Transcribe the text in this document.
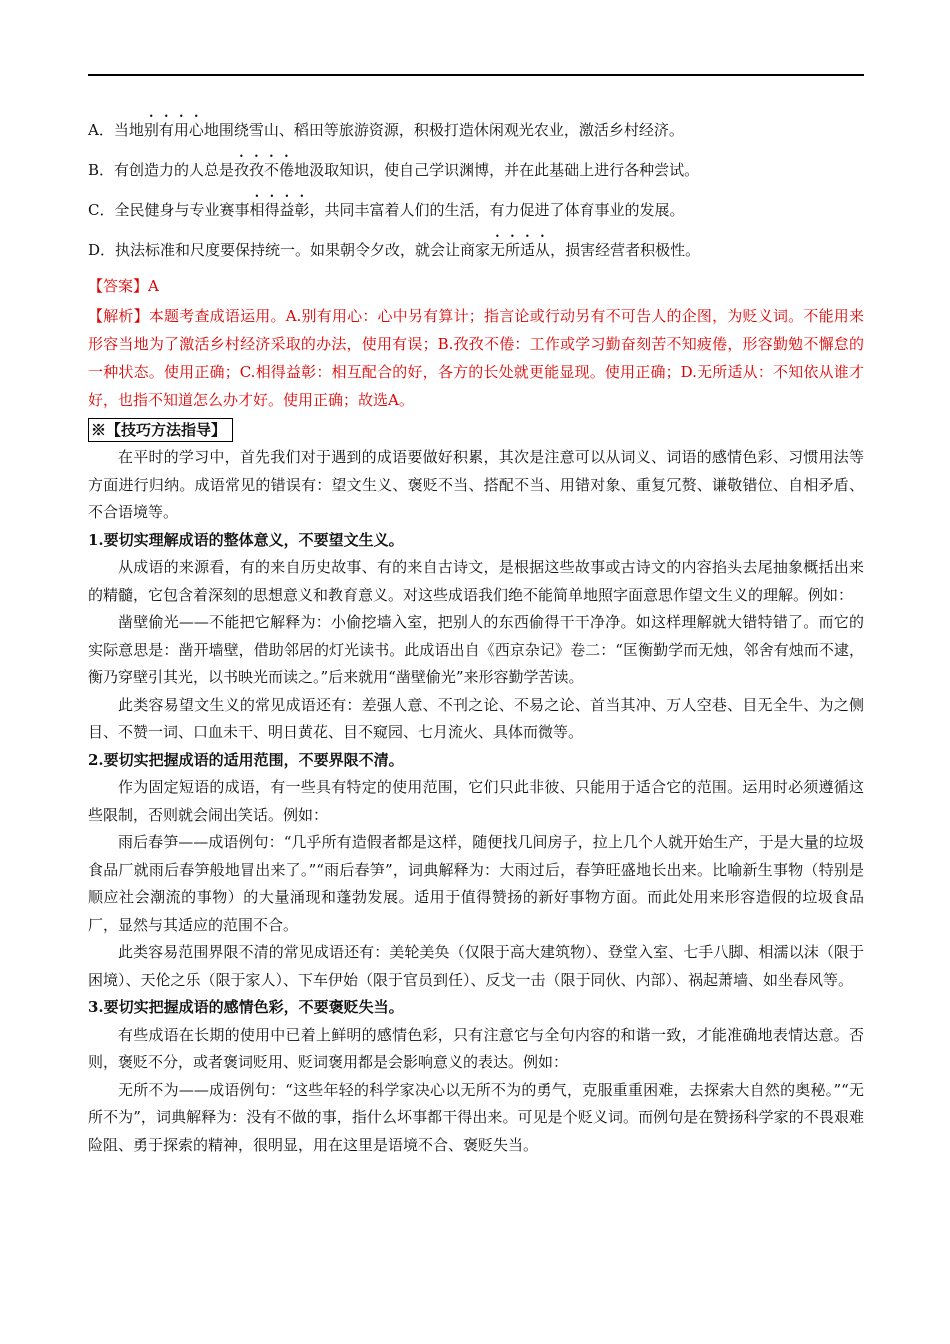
A．当地别有用心地围绕雪山、稻田等旅游资源，积极打造休闲观光农业，激活乡村经济。
B．有创造力的人总是孜孜不倦地汲取知识，使自己学识渊博，并在此基础上进行各种尝试。
C．全民健身与专业赛事相得益彰，共同丰富着人们的生活，有力促进了体育事业的发展。
D．执法标准和尺度要保持统一。如果朝令夕改，就会让商家无所适从，损害经营者积极性。
【答案】A
【解析】本题考查成语运用。A.别有用心：心中另有算计；指言论或行动另有不可告人的企图，为贬义词。不能用来形容当地为了激活乡村经济采取的办法，使用有误；B.孜孜不倦：工作或学习勤奋刻苦不知疲倦，形容勤勉不懈怠的一种状态。使用正确；C.相得益彰：相互配合的好，各方的长处就更能显现。使用正确；D.无所适从：不知依从谁才好，也指不知道怎么办才好。使用正确；故选A。
※【技巧方法指导】

在平时的学习中，首先我们对于遇到的成语要做好积累，其次是注意可以从词义、词语的感情色彩、习惯用法等方面进行归纳。成语常见的错误有：望文生义、褒贬不当、搭配不当、用错对象、重复冗赘、谦敬错位、自相矛盾、不合语境等。

1.要切实理解成语的整体意义，不要望文生义。

从成语的来源看，有的来自历史故事、有的来自古诗文，是根据这些故事或古诗文的内容掐头去尾抽象概括出来的精髓，它包含着深刻的思想意义和教育意义。对这些成语我们绝不能简单地照字面意思作望文生义的理解。例如：

凿壁偷光——不能把它解释为：小偷挖墙入室，把别人的东西偷得干干净净。如这样理解就大错特错了。而它的实际意思是：凿开墙壁，借助邻居的灯光读书。此成语出自《西京杂记》卷二：“匡衡勤学而无烛，邻舍有烛而不逮，衡乃穿壁引其光，以书映光而读之。”后来就用“凿壁偷光”来形容勤学苦读。

此类容易望文生义的常见成语还有：差强人意、不刊之论、不易之论、首当其冲、万人空巷、目无全牛、为之侧目、不赞一词、口血未干、明日黄花、目不窥园、七月流火、具体而微等。

2.要切实把握成语的适用范围，不要界限不清。

作为固定短语的成语，有一些具有特定的使用范围，它们只此非彼、只能用于适合它的范围。运用时必须遵循这些限制，否则就会闹出笑话。例如：

雨后春笋——成语例句：“几乎所有造假者都是这样，随便找几间房子，拉上几个人就开始生产，于是大量的垃圾食品厂就雨后春笋般地冒出来了。”“雨后春笋”，词典解释为：大雨过后，春笋旺盛地长出来。比喻新生事物（特别是顺应社会潮流的事物）的大量涌现和蓬勃发展。适用于值得赞扬的新好事物方面。而此处用来形容造假的垃圾食品厂，显然与其适应的范围不合。

此类容易范围界限不清的常见成语还有：美轮美奂（仅限于高大建筑物）、登堂入室、七手八脚、相濡以沫（限于困境）、天伦之乐（限于家人）、下车伊始（限于官员到任）、反戈一击（限于同伙、内部）、祸起萧墙、如坐春风等。

3.要切实把握成语的感情色彩，不要褒贬失当。

有些成语在长期的使用中已着上鲜明的感情色彩，只有注意它与全句内容的和谐一致，才能准确地表情达意。否则，褒贬不分，或者褒词贬用、贬词褒用都是会影响意义的表达。例如：

无所不为——成语例句：“这些年轻的科学家决心以无所不为的勇气，克服重重困难，去探索大自然的奥秘。”“无所不为”，词典解释为：没有不做的事，指什么坏事都干得出来。可见是个贬义词。而例句是在赞扬科学家的不畏艰难险阻、勇于探索的精神，很明显，用在这里是语境不合、褒贬失当。
